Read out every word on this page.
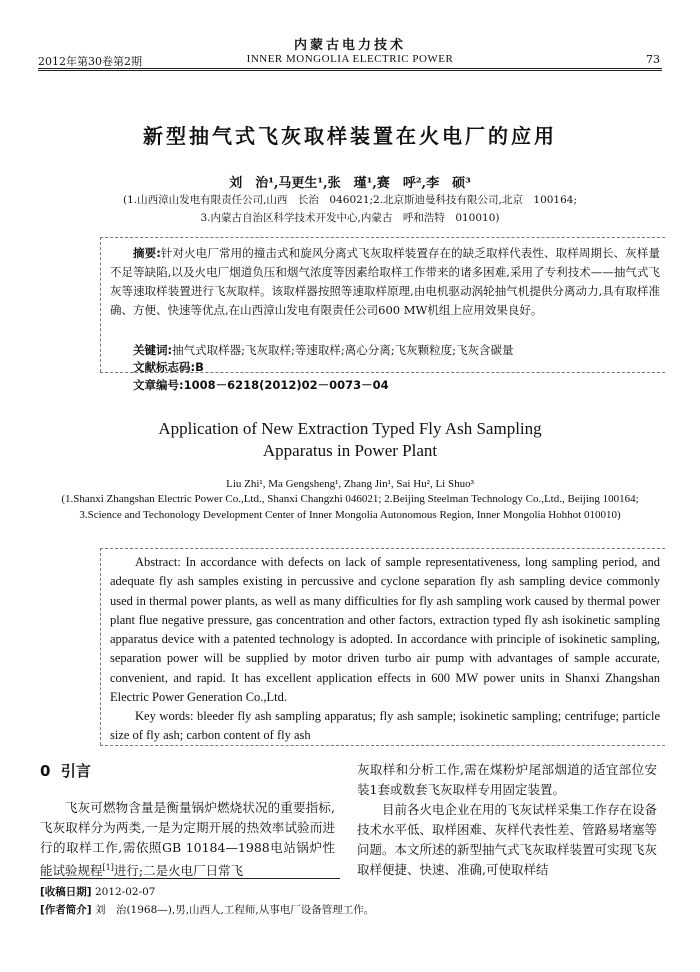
内蒙古电力技术
2012年第30卷第2期	INNER MONGOLIA ELECTRIC POWER	73
新型抽气式飞灰取样装置在火电厂的应用
刘　治¹,马更生¹,张　瑾¹,赛　呼²,李　硕³
(1.山西漳山发电有限责任公司,山西　长治　046021;2.北京斯迪曼科技有限公司,北京　100164;
3.内蒙古自治区科学技术开发中心,内蒙古　呼和浩特　010010)
摘要:针对火电厂常用的撞击式和旋风分离式飞灰取样装置存在的缺乏取样代表性、取样周期长、灰样量不足等缺陷,以及火电厂烟道负压和烟气浓度等因素给取样工作带来的诸多困难,采用了专利技术——抽气式飞灰等速取样装置进行飞灰取样。该取样器按照等速取样原理,由电机驱动涡轮抽气机提供分离动力,具有取样准确、方便、快速等优点,在山西漳山发电有限责任公司600 MW机组上应用效果良好。
关键词:抽气式取样器;飞灰取样;等速取样;离心分离;飞灰颗粒度;飞灰含碳量
文献标志码:B
文章编号:1008－6218(2012)02－0073－04
Application of New Extraction Typed Fly Ash Sampling
Apparatus in Power Plant
Liu Zhi¹, Ma Gengsheng¹, Zhang Jin¹, Sai Hu², Li Shuo³
(1.Shanxi Zhangshan Electric Power Co.,Ltd., Shanxi Changzhi 046021; 2.Beijing Steelman Technology Co.,Ltd., Beijing 100164; 3.Science and Techonology Development Center of Inner Mongolia Autonomous Region, Inner Mongolia Hohhot 010010)
Abstract: In accordance with defects on lack of sample representativeness, long sampling period, and adequate fly ash samples existing in percussive and cyclone separation fly ash sampling device commonly used in thermal power plants, as well as many difficulties for fly ash sampling work caused by thermal power plant flue negative pressure, gas concentration and other factors, extraction typed fly ash isokinetic sampling apparatus device with a patented technology is adopted. In accordance with principle of isokinetic sampling, separation power will be supplied by motor driven turbo air pump with advantages of sample accurate, convenient, and rapid. It has excellent application effects in 600 MW power units in Shanxi Zhangshan Electric Power Generation Co.,Ltd.
Key words: bleeder fly ash sampling apparatus; fly ash sample; isokinetic sampling; centrifuge; particle size of fly ash; carbon content of fly ash
0 引言
飞灰可燃物含量是衡量锅炉燃烧状况的重要指标,飞灰取样分为两类,一是为定期开展的热效率试验而进行的取样工作,需依照GB 10184—1988电站锅炉性能试验规程[1]进行;二是火电厂日常飞

灰取样和分析工作,需在煤粉炉尾部烟道的适宜部位安装1套或数套飞灰取样专用固定装置。

目前各火电企业在用的飞灰试样采集工作存在设备技术水平低、取样困难、灰样代表性差、管路易堵塞等问题。本文所述的新型抽气式飞灰取样装置可实现飞灰取样便捷、快速、准确,可使取样结

[收稿日期] 2012-02-07
[作者简介] 刘　治(1968—),男,山西人,工程师,从事电厂设备管理工作。
